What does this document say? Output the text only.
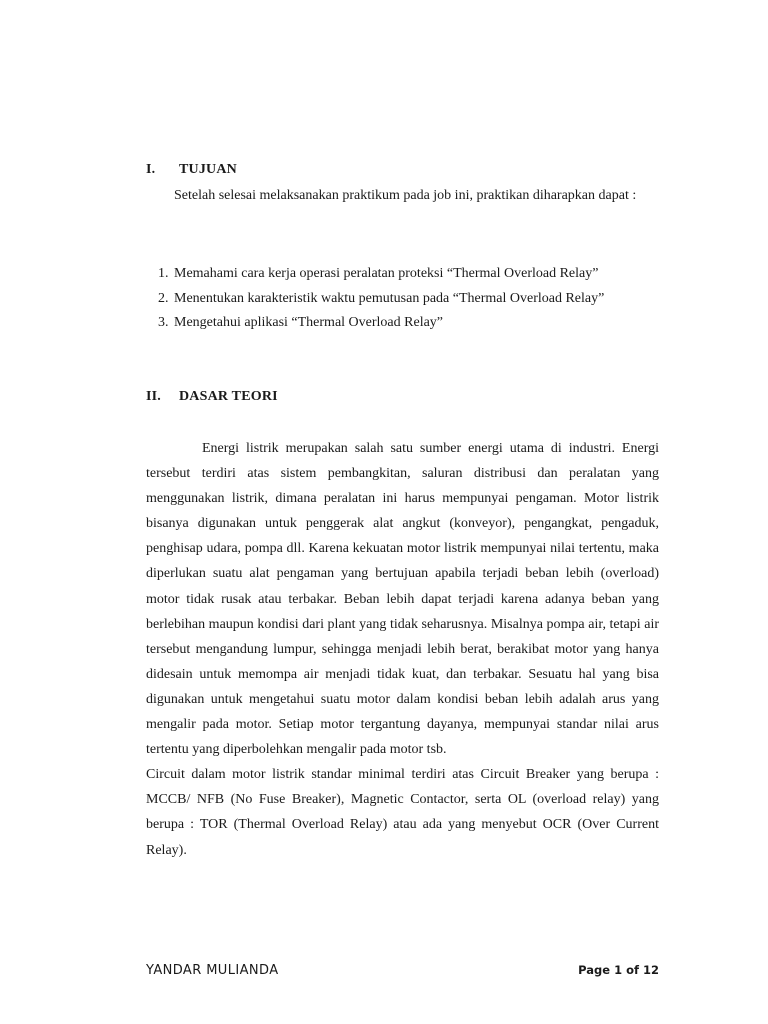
I. TUJUAN
Setelah selesai melaksanakan praktikum pada job ini, praktikan diharapkan dapat :
1. Memahami cara kerja operasi peralatan proteksi “Thermal Overload Relay”
2. Menentukan karakteristik waktu pemutusan pada “Thermal Overload Relay”
3. Mengetahui aplikasi “Thermal Overload Relay”
II. DASAR TEORI

Energi listrik merupakan salah satu sumber energi utama di industri. Energi tersebut terdiri atas sistem pembangkitan, saluran distribusi dan peralatan yang menggunakan listrik, dimana peralatan ini harus mempunyai pengaman. Motor listrik bisanya digunakan untuk penggerak alat angkut (konveyor), pengangkat, pengaduk, penghisap udara, pompa dll. Karena kekuatan motor listrik mempunyai nilai tertentu, maka diperlukan suatu alat pengaman yang bertujuan apabila terjadi beban lebih (overload) motor tidak rusak atau terbakar. Beban lebih dapat terjadi karena adanya beban yang berlebihan maupun kondisi dari plant yang tidak seharusnya. Misalnya pompa air, tetapi air tersebut mengandung lumpur, sehingga menjadi lebih berat, berakibat motor yang hanya didesain untuk memompa air menjadi tidak kuat, dan terbakar. Sesuatu hal yang bisa digunakan untuk mengetahui suatu motor dalam kondisi beban lebih adalah arus yang mengalir pada motor. Setiap motor tergantung dayanya, mempunyai standar nilai arus tertentu yang diperbolehkan mengalir pada motor tsb.

Circuit dalam motor listrik standar minimal terdiri atas Circuit Breaker yang berupa : MCCB/ NFB (No Fuse Breaker), Magnetic Contactor, serta OL (overload relay) yang berupa : TOR (Thermal Overload Relay) atau ada yang menyebut OCR (Over Current Relay).

YANDAR MULIANDA	Page 1 of 12
